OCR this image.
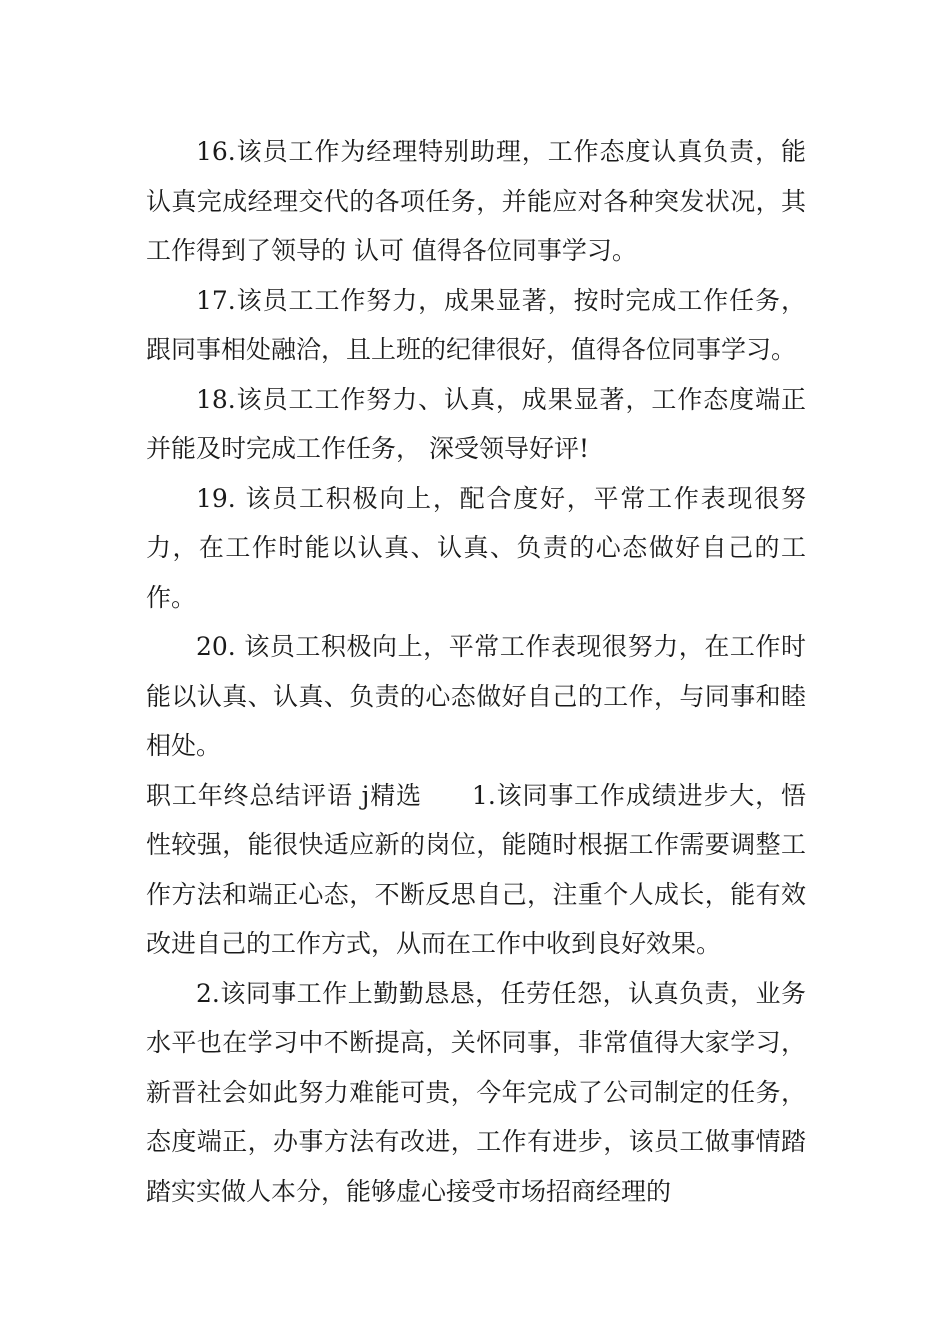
16.该员工作为经理特别助理，工作态度认真负责，能认真完成经理交代的各项任务，并能应对各种突发状况，其工作得到了领导的 认可 值得各位同事学习。

17.该员工工作努力，成果显著，按时完成工作任务，跟同事相处融洽，且上班的纪律很好，值得各位同事学习。

18.该员工工作努力、认真，成果显著，工作态度端正并能及时完成工作任务， 深受领导好评!

19. 该员工积极向上，配合度好，平常工作表现很努力，在工作时能以认真、认真、负责的心态做好自己的工作。

20. 该员工积极向上，平常工作表现很努力，在工作时能以认真、认真、负责的心态做好自己的工作，与同事和睦相处。

职工年终总结评语 j精选 1.该同事工作成绩进步大，悟性较强，能很快适应新的岗位，能随时根据工作需要调整工作方法和端正心态，不断反思自己，注重个人成长，能有效改进自己的工作方式，从而在工作中收到良好效果。

2.该同事工作上勤勤恳恳，任劳任怨，认真负责，业务水平也在学习中不断提高，关怀同事，非常值得大家学习，新晋社会如此努力难能可贵，今年完成了公司制定的任务，态度端正，办事方法有改进，工作有进步，该员工做事情踏踏实实做人本分，能够虚心接受市场招商经理的
